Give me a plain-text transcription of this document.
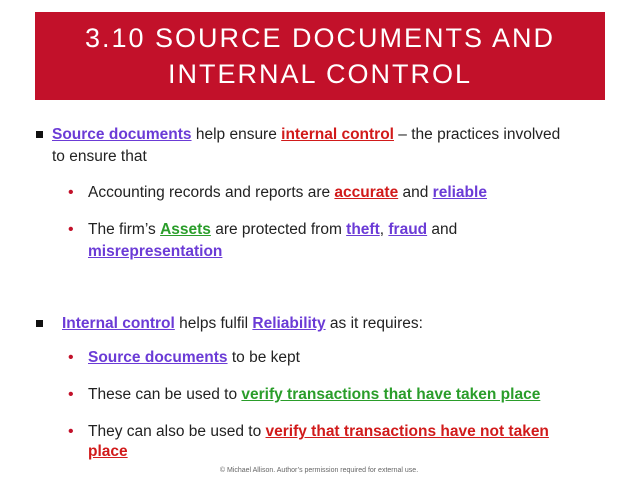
3.10 SOURCE DOCUMENTS AND
INTERNAL CONTROL
Source documents help ensure internal control – the practices involved
to ensure that
• Accounting records and reports are accurate and reliable
• The firm’s Assets are protected from theft, fraud and
misrepresentation
Internal control helps fulfil Reliability as it requires:
• Source documents to be kept
• These can be used to verify transactions that have taken place
• They can also be used to verify that transactions have not taken
place
© Michael Allison. Author’s permission required for external use.
